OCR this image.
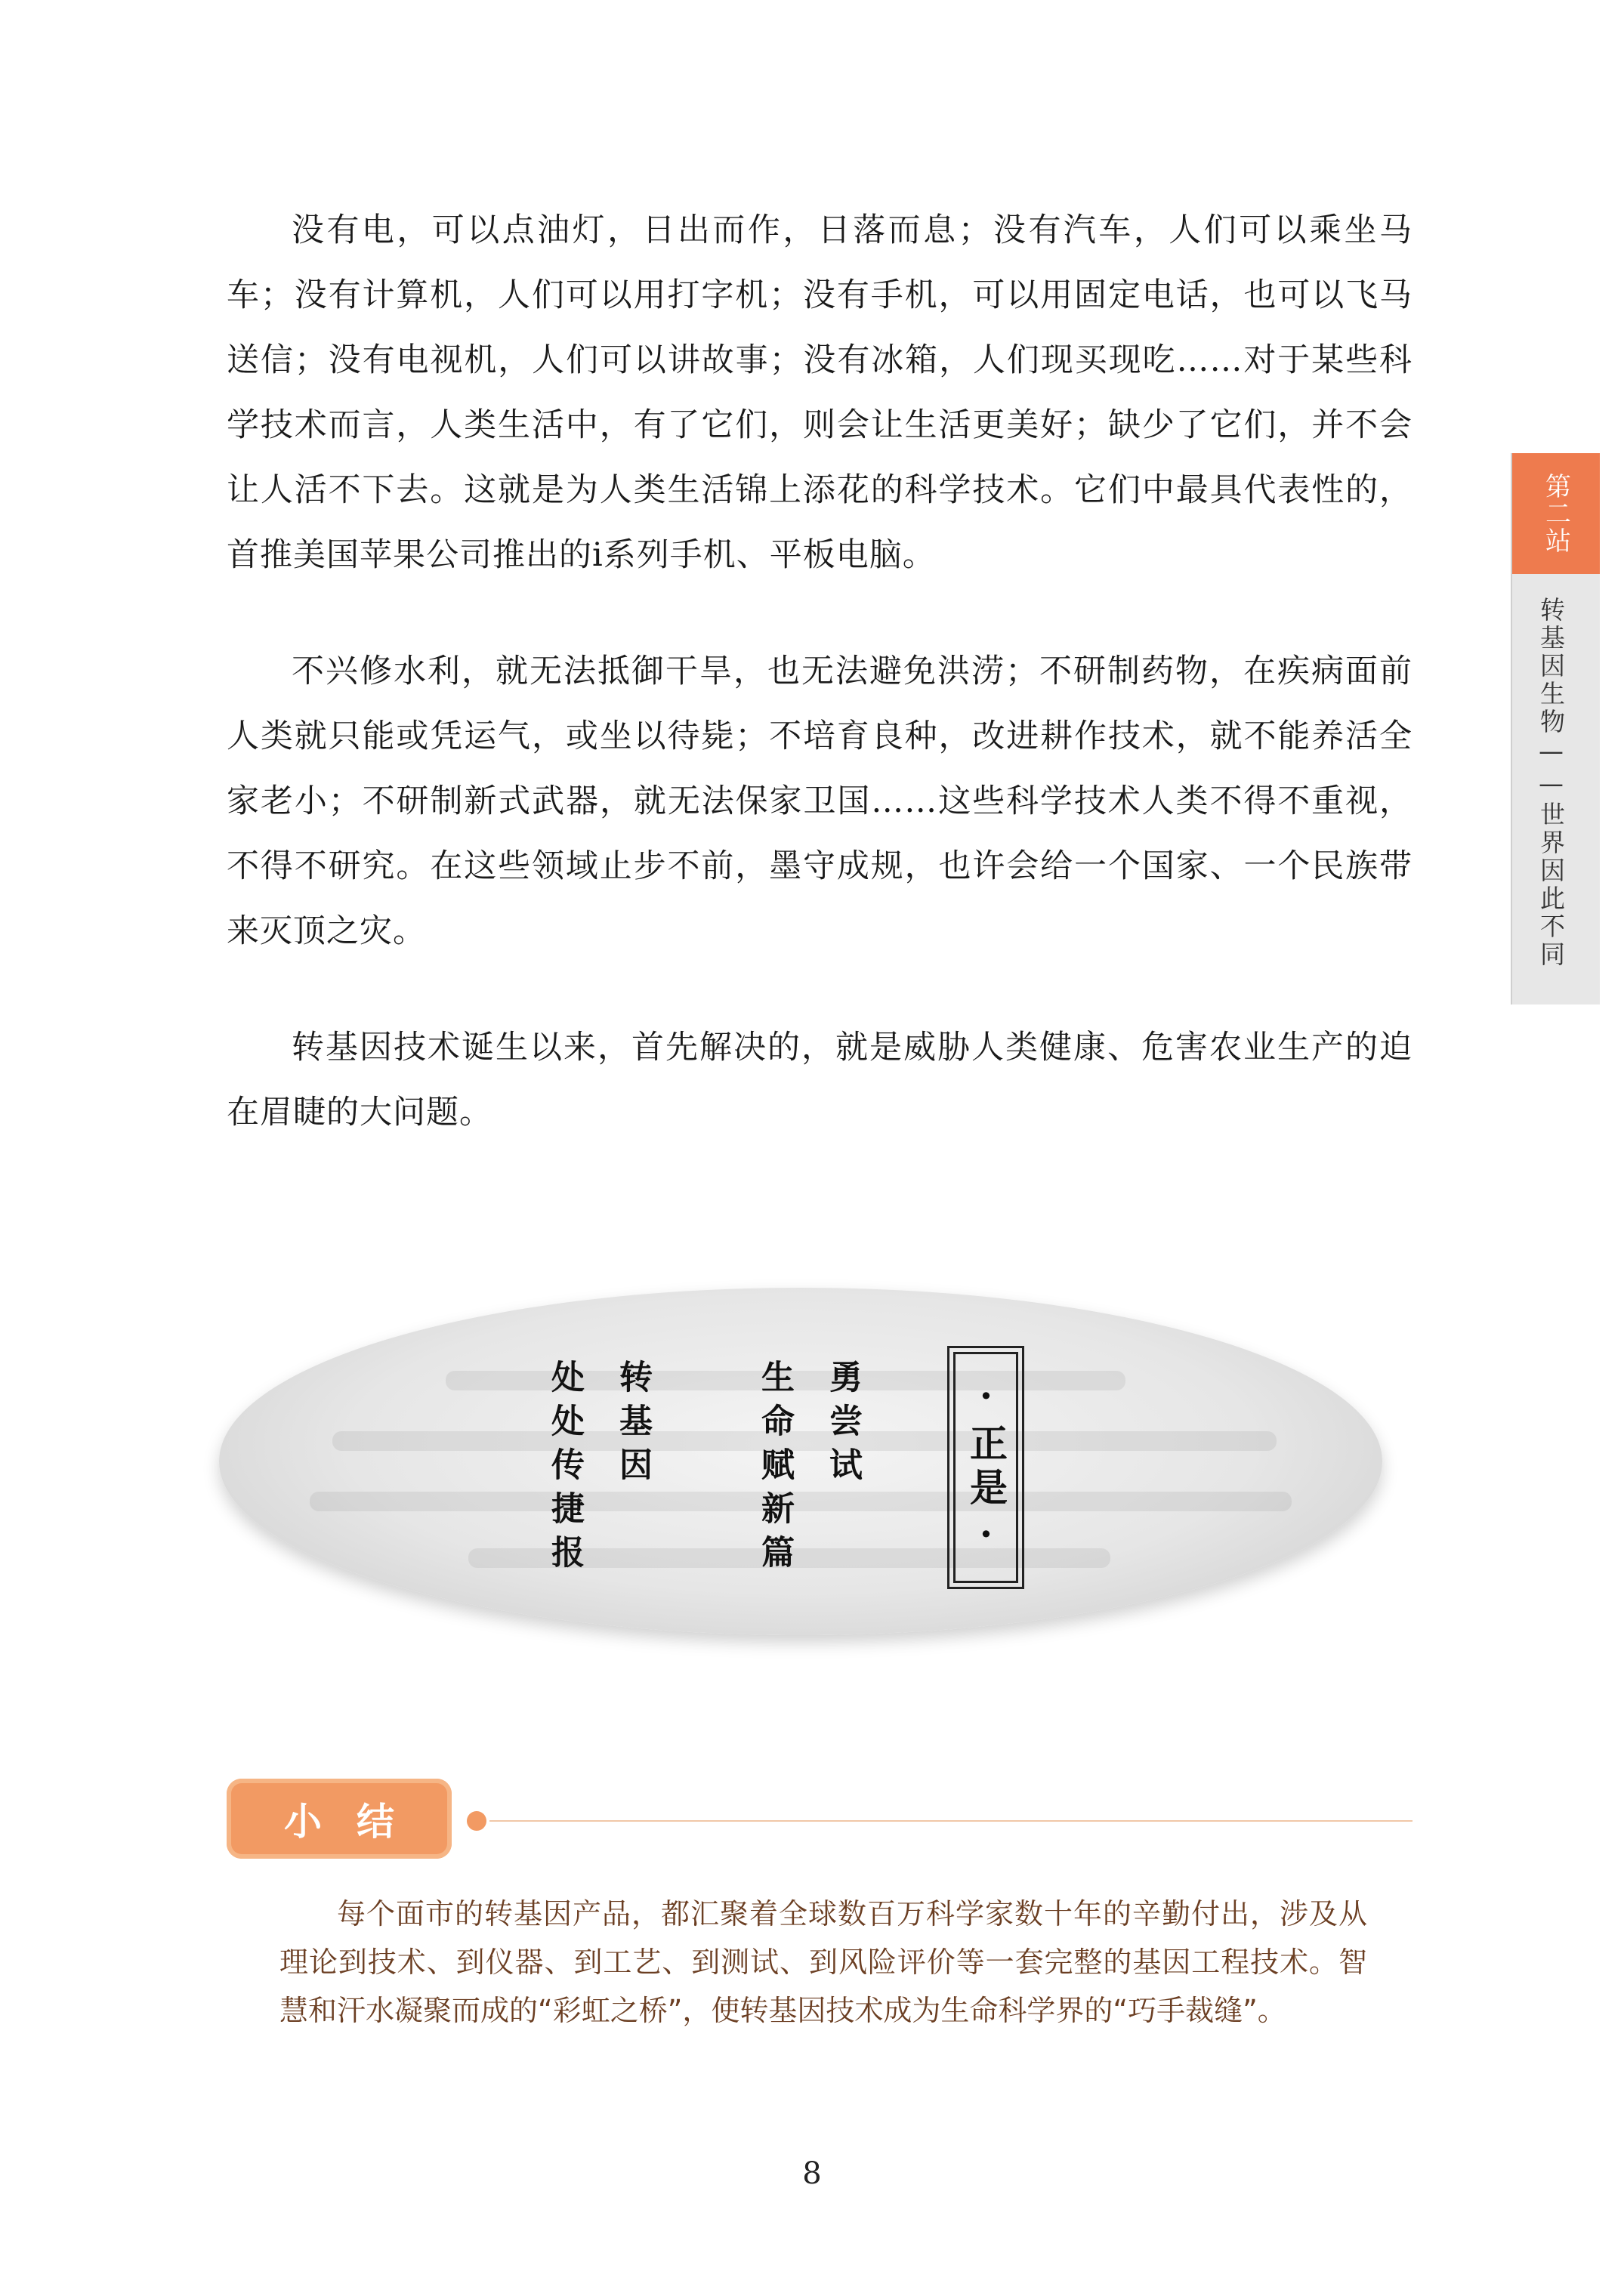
没有电，可以点油灯，日出而作，日落而息；没有汽车，人们可以乘坐马车；没有计算机，人们可以用打字机；没有手机，可以用固定电话，也可以飞马送信；没有电视机，人们可以讲故事；没有冰箱，人们现买现吃……对于某些科学技术而言，人类生活中，有了它们，则会让生活更美好；缺少了它们，并不会让人活不下去。这就是为人类生活锦上添花的科学技术。它们中最具代表性的，首推美国苹果公司推出的i系列手机、平板电脑。

不兴修水利，就无法抵御干旱，也无法避免洪涝；不研制药物，在疾病面前人类就只能或凭运气，或坐以待毙；不培育良种，改进耕作技术，就不能养活全家老小；不研制新式武器，就无法保家卫国……这些科学技术人类不得不重视，不得不研究。在这些领域止步不前，墨守成规，也许会给一个国家、一个民族带来灭顶之灾。

转基因技术诞生以来，首先解决的，就是威胁人类健康、危害农业生产的迫在眉睫的大问题。

第二站
转基因生物——世界因此不同
·正是·
勇尝试
生命赋新篇
转基因
处处传捷报
小结

每个面市的转基因产品，都汇聚着全球数百万科学家数十年的辛勤付出，涉及从理论到技术、到仪器、到工艺、到测试、到风险评价等一套完整的基因工程技术。智慧和汗水凝聚而成的“彩虹之桥”，使转基因技术成为生命科学界的“巧手裁缝”。

8
